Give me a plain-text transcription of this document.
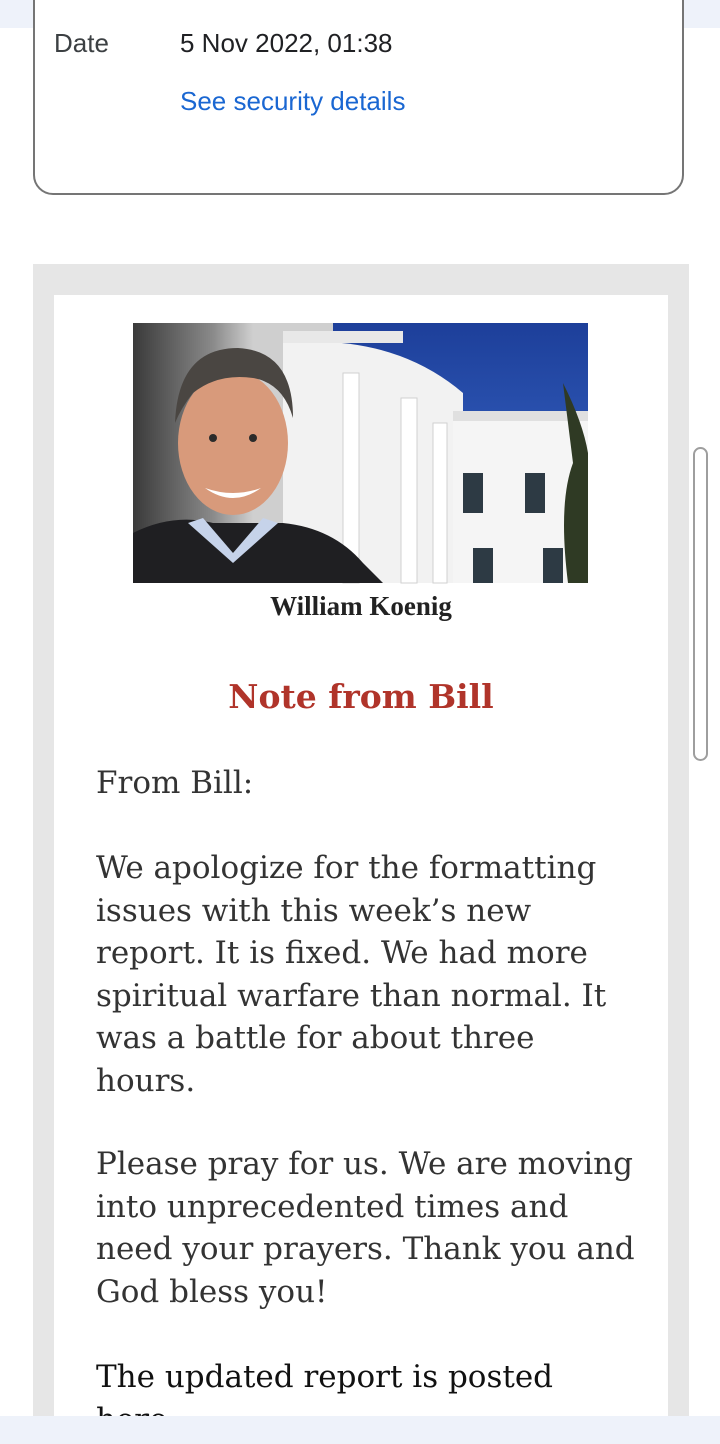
Date	5 Nov 2022, 01:38
See security details
William Koenig
Note from Bill

From Bill:

We apologize for the formatting issues with this week’s new report. It is fixed. We had more spiritual warfare than normal. It was a battle for about three hours.

Please pray for us. We are moving into unprecedented times and need your prayers. Thank you and God bless you!

The updated report is posted
